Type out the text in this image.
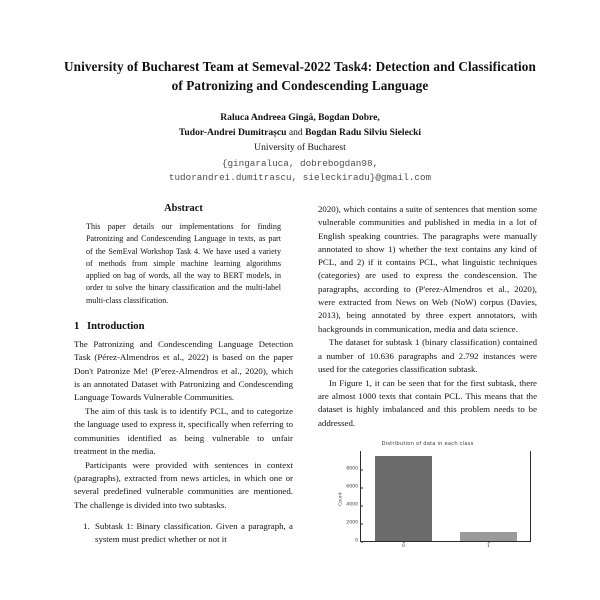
University of Bucharest Team at Semeval-2022 Task4: Detection and Classification of Patronizing and Condescending Language
Raluca Andreea Gîngă, Bogdan Dobre,
Tudor-Andrei Dumitrașcu and Bogdan Radu Silviu Sielecki
University of Bucharest
{gingaraluca, dobrebogdan98,
tudorandrei.dumitrascu, sieleckiradu}@gmail.com
Abstract

This paper details our implementations for finding Patronizing and Condescending Language in texts, as part of the SemEval Workshop Task 4. We have used a variety of methods from simple machine learning algorithms applied on bag of words, all the way to BERT models, in order to solve the binary classification and the multi-label multi-class classification.

1 Introduction

The Patronizing and Condescending Language Detection Task (Pérez-Almendros et al., 2022) is based on the paper Don't Patronize Me! (P'erez-Almendros et al., 2020), which is an annotated Dataset with Patronizing and Condescending Language Towards Vulnerable Communities.

The aim of this task is to identify PCL, and to categorize the language used to express it, specifically when referring to communities identified as being vulnerable to unfair treatment in the media.

Participants were provided with sentences in context (paragraphs), extracted from news articles, in which one or several predefined vulnerable communities are mentioned. The challenge is divided into two subtasks.

1. Subtask 1: Binary classification. Given a paragraph, a system must predict whether or not it

2020), which contains a suite of sentences that mention some vulnerable communities and published in media in a lot of English speaking countries. The paragraphs were manually annotated to show 1) whether the text contains any kind of PCL, and 2) if it contains PCL, what linguistic techniques (categories) are used to express the condescension. The paragraphs, according to (P'erez-Almendros et al., 2020), were extracted from News on Web (NoW) corpus (Davies, 2013), being annotated by three expert annotators, with backgrounds in communication, media and data science.

The dataset for subtask 1 (binary classification) contained a number of 10.636 paragraphs and 2.792 instances were used for the categories classification subtask.

In Figure 1, it can be seen that for the first subtask, there are almost 1000 texts that contain PCL. This means that the dataset is highly imbalanced and this problem needs to be addressed.

Distribution of data in each class
Count
0
2000
4000
6000
8000
0	1
